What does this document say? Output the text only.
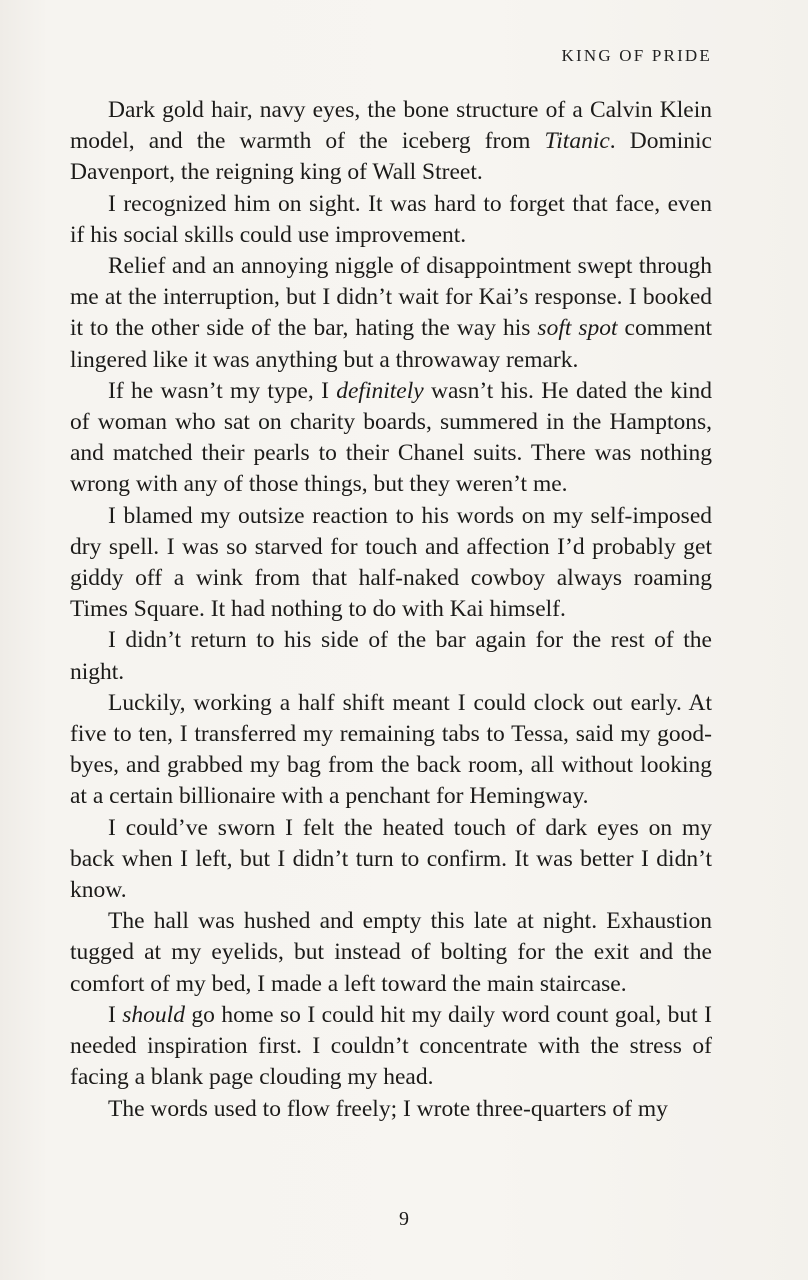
KING OF PRIDE

Dark gold hair, navy eyes, the bone structure of a Calvin Klein model, and the warmth of the iceberg from Titanic. Dominic Davenport, the reigning king of Wall Street.

I recognized him on sight. It was hard to forget that face, even if his social skills could use improvement.

Relief and an annoying niggle of disappointment swept through me at the interruption, but I didn’t wait for Kai’s response. I booked it to the other side of the bar, hating the way his soft spot comment lingered like it was anything but a throwaway remark.

If he wasn’t my type, I definitely wasn’t his. He dated the kind of woman who sat on charity boards, summered in the Hamptons, and matched their pearls to their Chanel suits. There was nothing wrong with any of those things, but they weren’t me.

I blamed my outsize reaction to his words on my self-imposed dry spell. I was so starved for touch and affection I’d probably get giddy off a wink from that half-naked cowboy always roaming Times Square. It had nothing to do with Kai himself.

I didn’t return to his side of the bar again for the rest of the night.

Luckily, working a half shift meant I could clock out early. At five to ten, I transferred my remaining tabs to Tessa, said my goodbyes, and grabbed my bag from the back room, all without looking at a certain billionaire with a penchant for Hemingway.

I could’ve sworn I felt the heated touch of dark eyes on my back when I left, but I didn’t turn to confirm. It was better I didn’t know.

The hall was hushed and empty this late at night. Exhaustion tugged at my eyelids, but instead of bolting for the exit and the comfort of my bed, I made a left toward the main staircase.

I should go home so I could hit my daily word count goal, but I needed inspiration first. I couldn’t concentrate with the stress of facing a blank page clouding my head.

The words used to flow freely; I wrote three-quarters of my

9
